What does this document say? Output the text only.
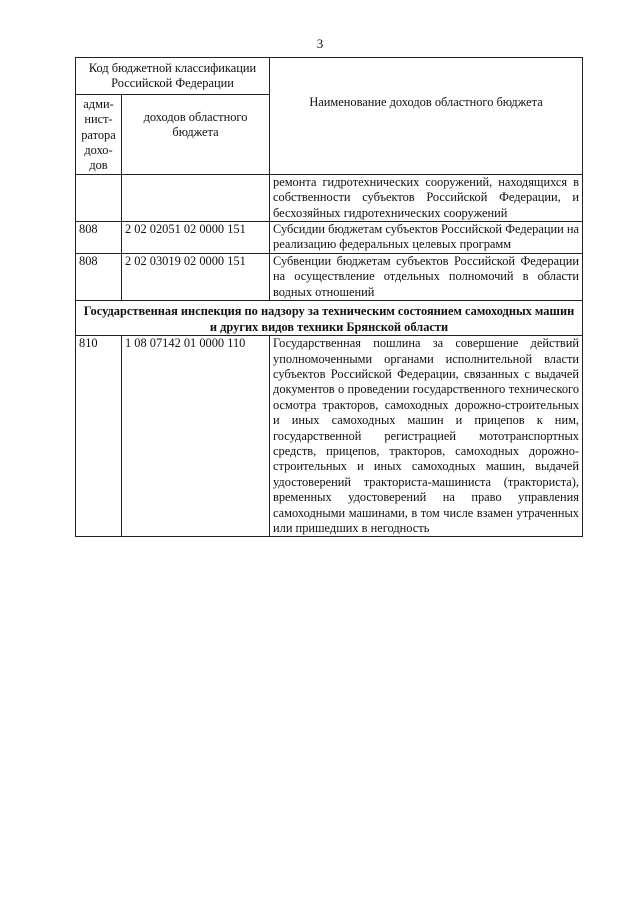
3
Код бюджетной классификации Российской Федерации		Наименование доходов областного бюджета
адми-нист-ратора дохо-дов	доходов областного бюджета	
		ремонта гидротехнических сооружений, находящихся в собственности субъектов Российской Федерации, и бесхозяйных гидротехнических сооружений
808	2 02 02051 02 0000 151	Субсидии бюджетам субъектов Российской Федерации на реализацию федеральных целевых программ
808	2 02 03019 02 0000 151	Субвенции бюджетам субъектов Российской Федерации на осуществление отдельных полномочий в области водных отношений
Государственная инспекция по надзору за техническим состоянием самоходных машин и других видов техники Брянской области		
810	1 08 07142 01 0000 110	Государственная пошлина за совершение действий уполномоченными органами исполнительной власти субъектов Российской Федерации, связанных с выдачей документов о проведении государственного технического осмотра тракторов, самоходных дорожно-строительных и иных самоходных машин и прицепов к ним, государственной регистрацией мототранспортных средств, прицепов, тракторов, самоходных дорожно-строительных и иных самоходных машин, выдачей удостоверений тракториста-машиниста (тракториста), временных удостоверений на право управления самоходными машинами, в том числе взамен утраченных или пришедших в негодность
